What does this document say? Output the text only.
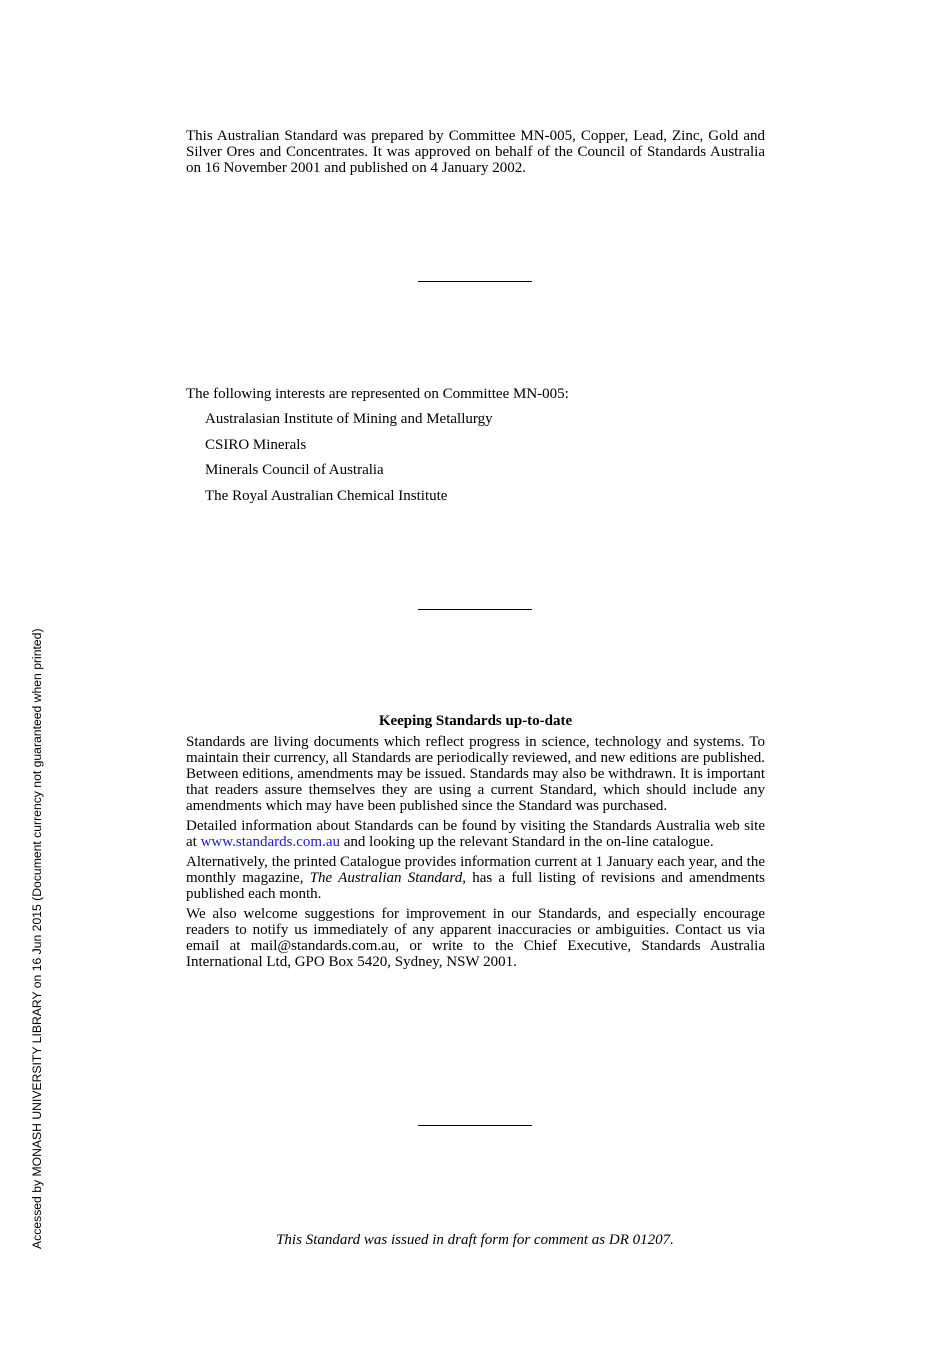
This Australian Standard was prepared by Committee MN-005, Copper, Lead, Zinc, Gold and Silver Ores and Concentrates. It was approved on behalf of the Council of Standards Australia on 16 November 2001 and published on 4 January 2002.
The following interests are represented on Committee MN-005:
Australasian Institute of Mining and Metallurgy
CSIRO Minerals
Minerals Council of Australia
The Royal Australian Chemical Institute
Keeping Standards up-to-date

Standards are living documents which reflect progress in science, technology and systems. To maintain their currency, all Standards are periodically reviewed, and new editions are published. Between editions, amendments may be issued. Standards may also be withdrawn. It is important that readers assure themselves they are using a current Standard, which should include any amendments which may have been published since the Standard was purchased.

Detailed information about Standards can be found by visiting the Standards Australia web site at www.standards.com.au and looking up the relevant Standard in the on-line catalogue.

Alternatively, the printed Catalogue provides information current at 1 January each year, and the monthly magazine, The Australian Standard, has a full listing of revisions and amendments published each month.

We also welcome suggestions for improvement in our Standards, and especially encourage readers to notify us immediately of any apparent inaccuracies or ambiguities. Contact us via email at mail@standards.com.au, or write to the Chief Executive, Standards Australia International Ltd, GPO Box 5420, Sydney, NSW 2001.

This Standard was issued in draft form for comment as DR 01207.
Accessed by MONASH UNIVERSITY LIBRARY on 16 Jun 2015 (Document currency not guaranteed when printed)
